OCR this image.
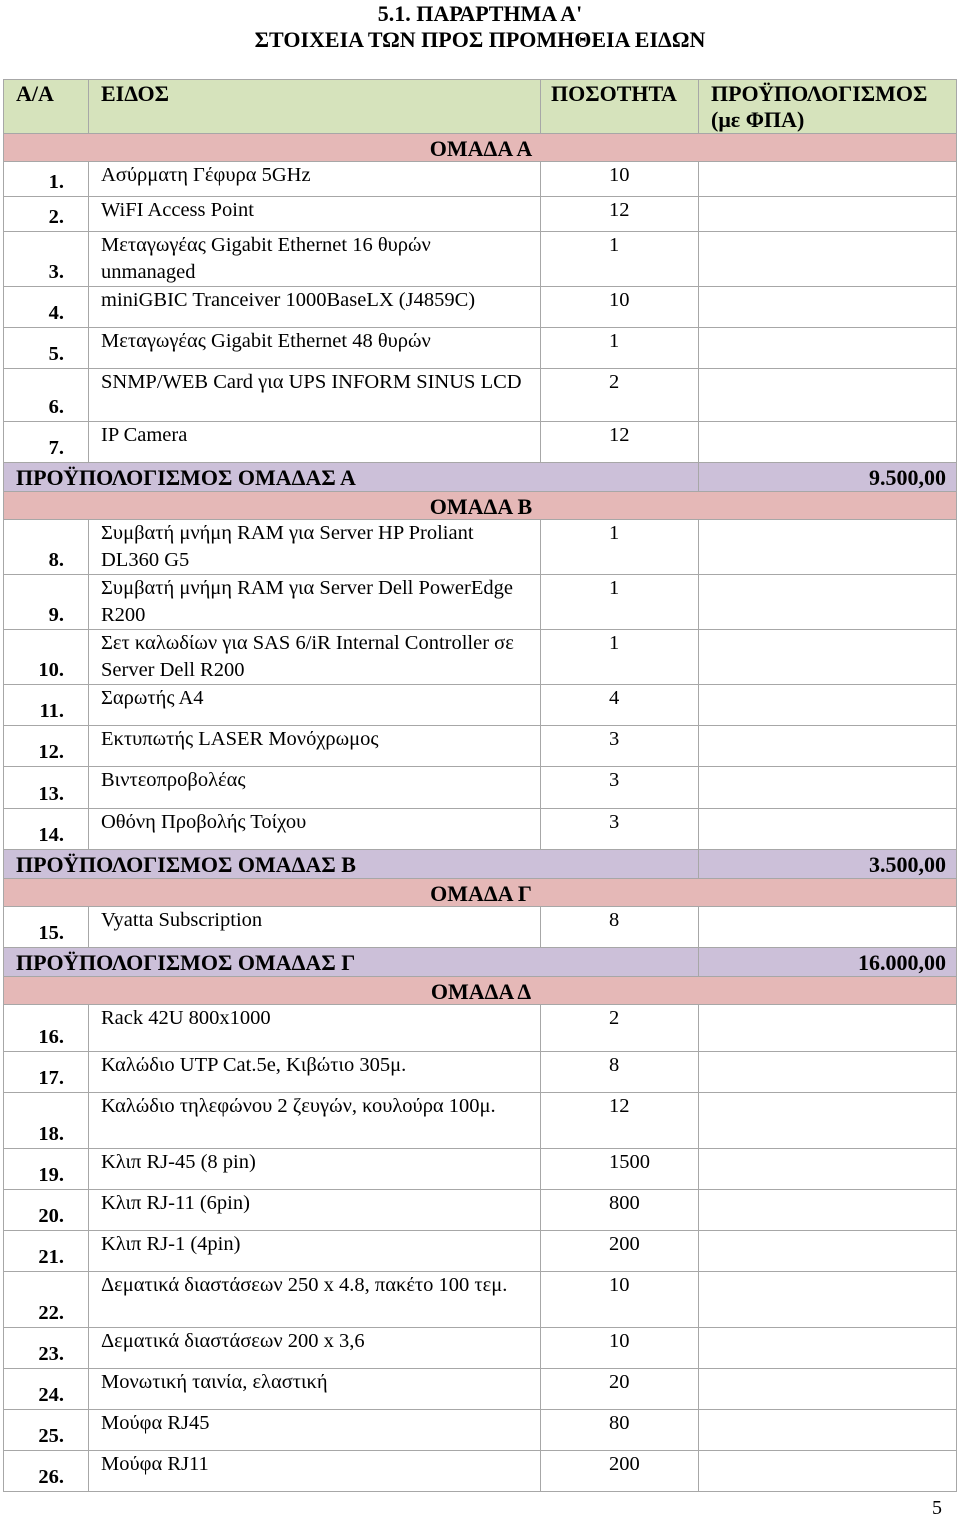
5.1. ΠΑΡΑΡΤΗΜΑ Α'
ΣΤΟΙΧΕΙΑ ΤΩΝ ΠΡΟΣ ΠΡΟΜΗΘΕΙΑ ΕΙΔΩΝ
Α/Α	ΕΙΔΟΣ	ΠΟΣΟΤΗΤΑ	ΠΡΟΫΠΟΛΟΓΙΣΜΟΣ (με ΦΠΑ)
ΟΜΑΔΑ Α			
1.	Ασύρματη Γέφυρα 5GHz	10	
2.	WiFI Access Point	12	
3.	Μεταγωγέας Gigabit Ethernet 16 θυρών unmanaged	1	
4.	miniGBIC Tranceiver 1000BaseLX (J4859C)	10	
5.	Μεταγωγέας Gigabit Ethernet 48 θυρών	1	
6.	SNMP/WEB Card για UPS INFORM SINUS LCD	2	
7.	IP Camera	12	
ΠΡΟΫΠΟΛΟΓΙΣΜΟΣ ΟΜΑΔΑΣ Α			9.500,00
ΟΜΑΔΑ Β			
8.	Συμβατή μνήμη RAM για Server HP Proliant DL360 G5	1	
9.	Συμβατή μνήμη RAM για Server Dell PowerEdge R200	1	
10.	Σετ καλωδίων για SAS 6/iR Internal Controller σε Server Dell R200	1	
11.	Σαρωτής Α4	4	
12.	Εκτυπωτής LASER Μονόχρωμος	3	
13.	Βιντεοπροβολέας	3	
14.	Οθόνη Προβολής Τοίχου	3	
ΠΡΟΫΠΟΛΟΓΙΣΜΟΣ ΟΜΑΔΑΣ Β			3.500,00
ΟΜΑΔΑ Γ			
15.	Vyatta Subscription	8	
ΠΡΟΫΠΟΛΟΓΙΣΜΟΣ ΟΜΑΔΑΣ Γ			16.000,00
ΟΜΑΔΑ Δ			
16.	Rack 42U 800x1000	2	
17.	Καλώδιο UTP Cat.5e, Κιβώτιο 305μ.	8	
18.	Καλώδιο τηλεφώνου 2 ζευγών, κουλούρα 100μ.	12	
19.	Κλιπ RJ-45 (8 pin)	1500	
20.	Κλιπ RJ-11 (6pin)	800	
21.	Κλιπ RJ-1 (4pin)	200	
22.	Δεματικά διαστάσεων 250 x 4.8, πακέτο 100 τεμ.	10	
23.	Δεματικά διαστάσεων 200 x 3,6	10	
24.	Μονωτική ταινία, ελαστική	20	
25.	Μούφα RJ45	80	
26.	Μούφα RJ11	200	
5
